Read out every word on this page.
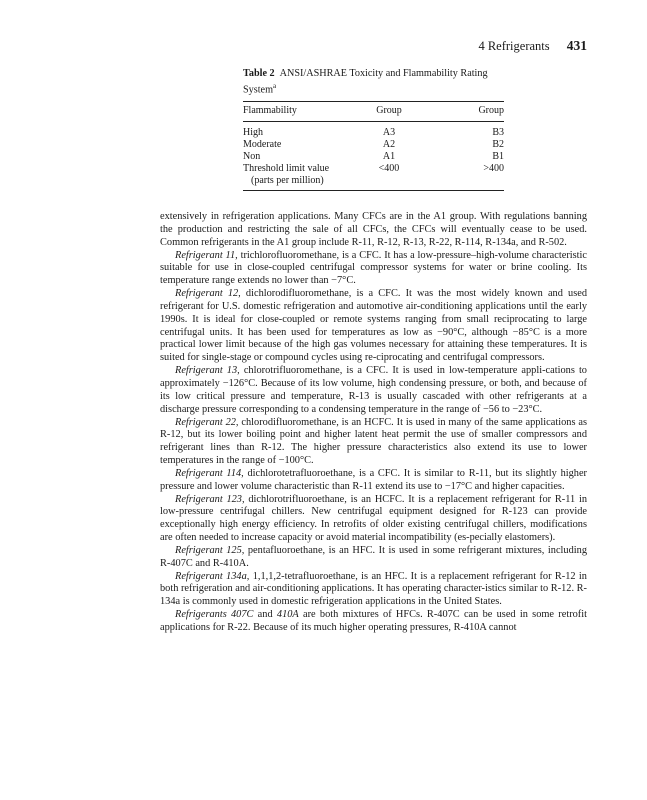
4 Refrigerants 431
Table 2 ANSI/ASHRAE Toxicity and Flammability Rating System$^a$
Flammability	Group	Group
High	A3	B3
Moderate	A2	B2
Non	A1	B1
Threshold limit value	<400	>400
(parts per million)

extensively in refrigeration applications. Many CFCs are in the A1 group. With regulations banning the production and restricting the sale of all CFCs, the CFCs will eventually cease to be used. Common refrigerants in the A1 group include R-11, R-12, R-13, R-22, R-114, R-134a, and R-502.

Refrigerant 11, trichlorofluoromethane, is a CFC. It has a low-pressure–high-volume characteristic suitable for use in close-coupled centrifugal compressor systems for water or brine cooling. Its temperature range extends no lower than −7°C.

Refrigerant 12, dichlorodifluoromethane, is a CFC. It was the most widely known and used refrigerant for U.S. domestic refrigeration and automotive air-conditioning applications until the early 1990s. It is ideal for close-coupled or remote systems ranging from small reciprocating to large centrifugal units. It has been used for temperatures as low as −90°C, although −85°C is a more practical lower limit because of the high gas volumes necessary for attaining these temperatures. It is suited for single-stage or compound cycles using re-ciprocating and centrifugal compressors.

Refrigerant 13, chlorotrifluoromethane, is a CFC. It is used in low-temperature appli-cations to approximately −126°C. Because of its low volume, high condensing pressure, or both, and because of its low critical pressure and temperature, R-13 is usually cascaded with other refrigerants at a discharge pressure corresponding to a condensing temperature in the range of −56 to −23°C.

Refrigerant 22, chlorodifluoromethane, is an HCFC. It is used in many of the same applications as R-12, but its lower boiling point and higher latent heat permit the use of smaller compressors and refrigerant lines than R-12. The higher pressure characteristics also extend its use to lower temperatures in the range of −100°C.

Refrigerant 114, dichlorotetrafluoroethane, is a CFC. It is similar to R-11, but its slightly higher pressure and lower volume characteristic than R-11 extend its use to −17°C and higher capacities.

Refrigerant 123, dichlorotrifluoroethane, is an HCFC. It is a replacement refrigerant for R-11 in low-pressure centrifugal chillers. New centrifugal equipment designed for R-123 can provide exceptionally high energy efficiency. In retrofits of older existing centrifugal chillers, modifications are often needed to increase capacity or avoid material incompatibility (es-pecially elastomers).

Refrigerant 125, pentafluoroethane, is an HFC. It is used in some refrigerant mixtures, including R-407C and R-410A.

Refrigerant 134a, 1,1,1,2-tetrafluoroethane, is an HFC. It is a replacement refrigerant for R-12 in both refrigeration and air-conditioning applications. It has operating character-istics similar to R-12. R-134a is commonly used in domestic refrigeration applications in the United States.

Refrigerants 407C and 410A are both mixtures of HFCs. R-407C can be used in some retrofit applications for R-22. Because of its much higher operating pressures, R-410A cannot
